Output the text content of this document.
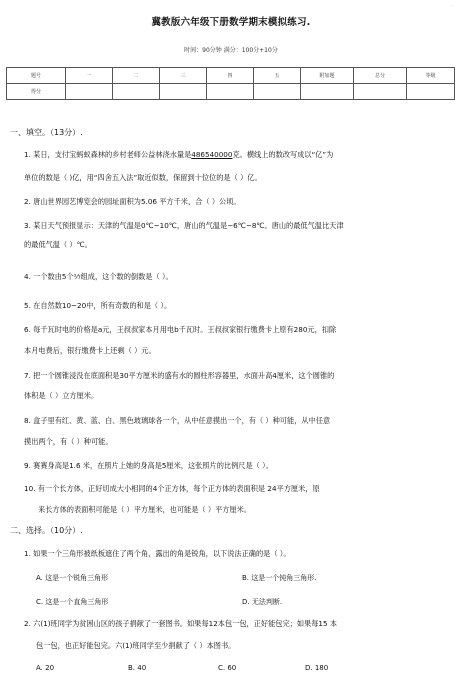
.
冀教版六年级下册数学期末模拟练习.
时间：90分钟 满分：100分+10分
题号	一	二	三	四	五	附加题	总分	等级
得分								
一、填空。（13分）.
1. 某日，支付宝蚂蚁森林的乡村老师公益林浇水量是486540000克。横线上的数改写成以“亿”为
单位的数是（ )亿，用“四舍五入法”取近似数，保留到十位位的是（ ）亿。
2. 唐山世界园艺博览会的园址面积为5.06 平方千米，合（ ）公顷。
3. 某日天气预报显示：天津的气温是0℃~10℃，唐山的气温是−6℃~8℃。唐山的最低气温比天津
的最低气温（ ）℃。
4. 一个数由5个⅟₇组成，这个数的倒数是（ ）。
5. 在自然数10~20中，所有奇数的和是（ ）。
6. 每千瓦时电的价格是a元，王叔叔家本月用电b千瓦时。王叔叔家银行缴费卡上原有280元，扣除
本月电费后，银行缴费卡上还剩（ ）元。
7. 把一个圆锥浸没在底面积是30平方厘米的盛有水的圆柱形容器里，水面升高4厘米，这个圆锥的
体积是（ ）立方厘米。
8. 盒子里有红、黄、蓝、白、黑色玻璃球各一个，从中任意摸出一个，有（ ）种可能，从中任意
摸出两个，有（ ）种可能。
9. 赛赛身高是1.6 米，在照片上她的身高是5厘米，这张照片的比例尺是（ ）。
10. 有一个长方体，正好切成大小相同的4个正方体，每个正方体的表面积是 24平方厘米，原
来长方体的表面积可能是（ ）平方厘米，也可能是（ ）平方厘米。
二、选择。（10分）.
1. 如果一个三角形被纸板遮住了两个角，露出的角是锐角，以下说法正确的是（ ）。
A. 这是一个锐角三角形	B. 这是一个钝角三角形.
C. 这是一个直角三角形	D. 无法判断.
2. 六(1)班同学为贫困山区的孩子捐献了一套图书。如果每12本包一包，正好能包完；如果每15 本
包一包，也正好能包完。六(1)班同学至少捐献了（ ）本图书。
A. 20	B. 40	C. 60	D. 180
